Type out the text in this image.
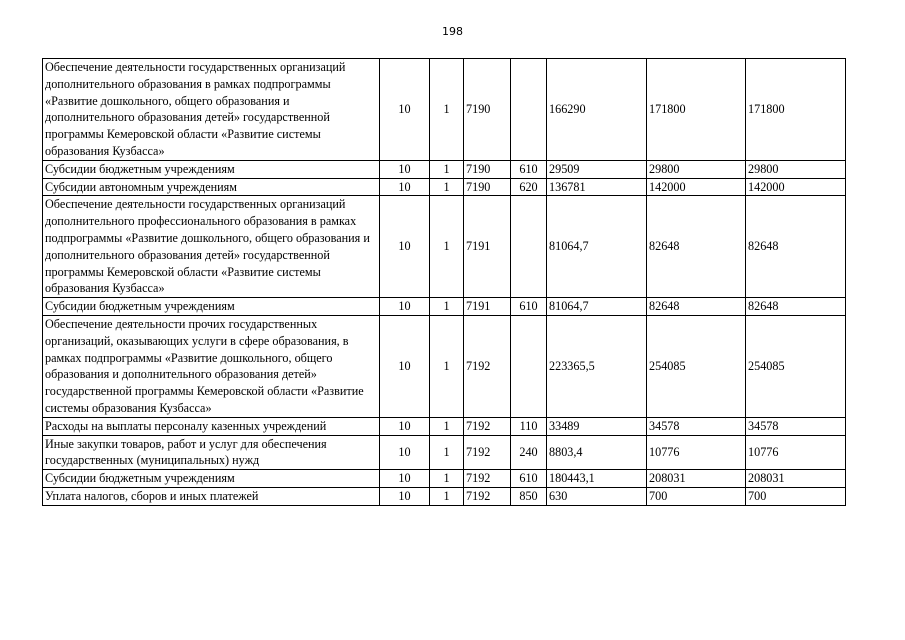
198
Обеспечение деятельности государственных организаций дополнительного образования в рамках подпрограммы «Развитие дошкольного, общего образования и дополнительного образования детей» государственной программы Кемеровской области «Развитие системы образования Кузбасса»	10	1	7190		166290	171800	171800
Субсидии бюджетным учреждениям	10	1	7190	610	29509	29800	29800
Субсидии автономным учреждениям	10	1	7190	620	136781	142000	142000
Обеспечение деятельности государственных организаций дополнительного профессионального образования в рамках подпрограммы «Развитие дошкольного, общего образования и дополнительного образования детей» государственной программы Кемеровской области «Развитие системы образования Кузбасса»	10	1	7191		81064,7	82648	82648
Субсидии бюджетным учреждениям	10	1	7191	610	81064,7	82648	82648
Обеспечение деятельности прочих государственных организаций, оказывающих услуги в сфере образования, в рамках подпрограммы «Развитие дошкольного, общего образования и дополнительного образования детей» государственной программы Кемеровской области «Развитие системы образования Кузбасса»	10	1	7192		223365,5	254085	254085
Расходы на выплаты персоналу казенных учреждений	10	1	7192	110	33489	34578	34578
Иные закупки товаров, работ и услуг для обеспечения государственных (муниципальных) нужд	10	1	7192	240	8803,4	10776	10776
Субсидии бюджетным учреждениям	10	1	7192	610	180443,1	208031	208031
Уплата налогов, сборов и иных платежей	10	1	7192	850	630	700	700
